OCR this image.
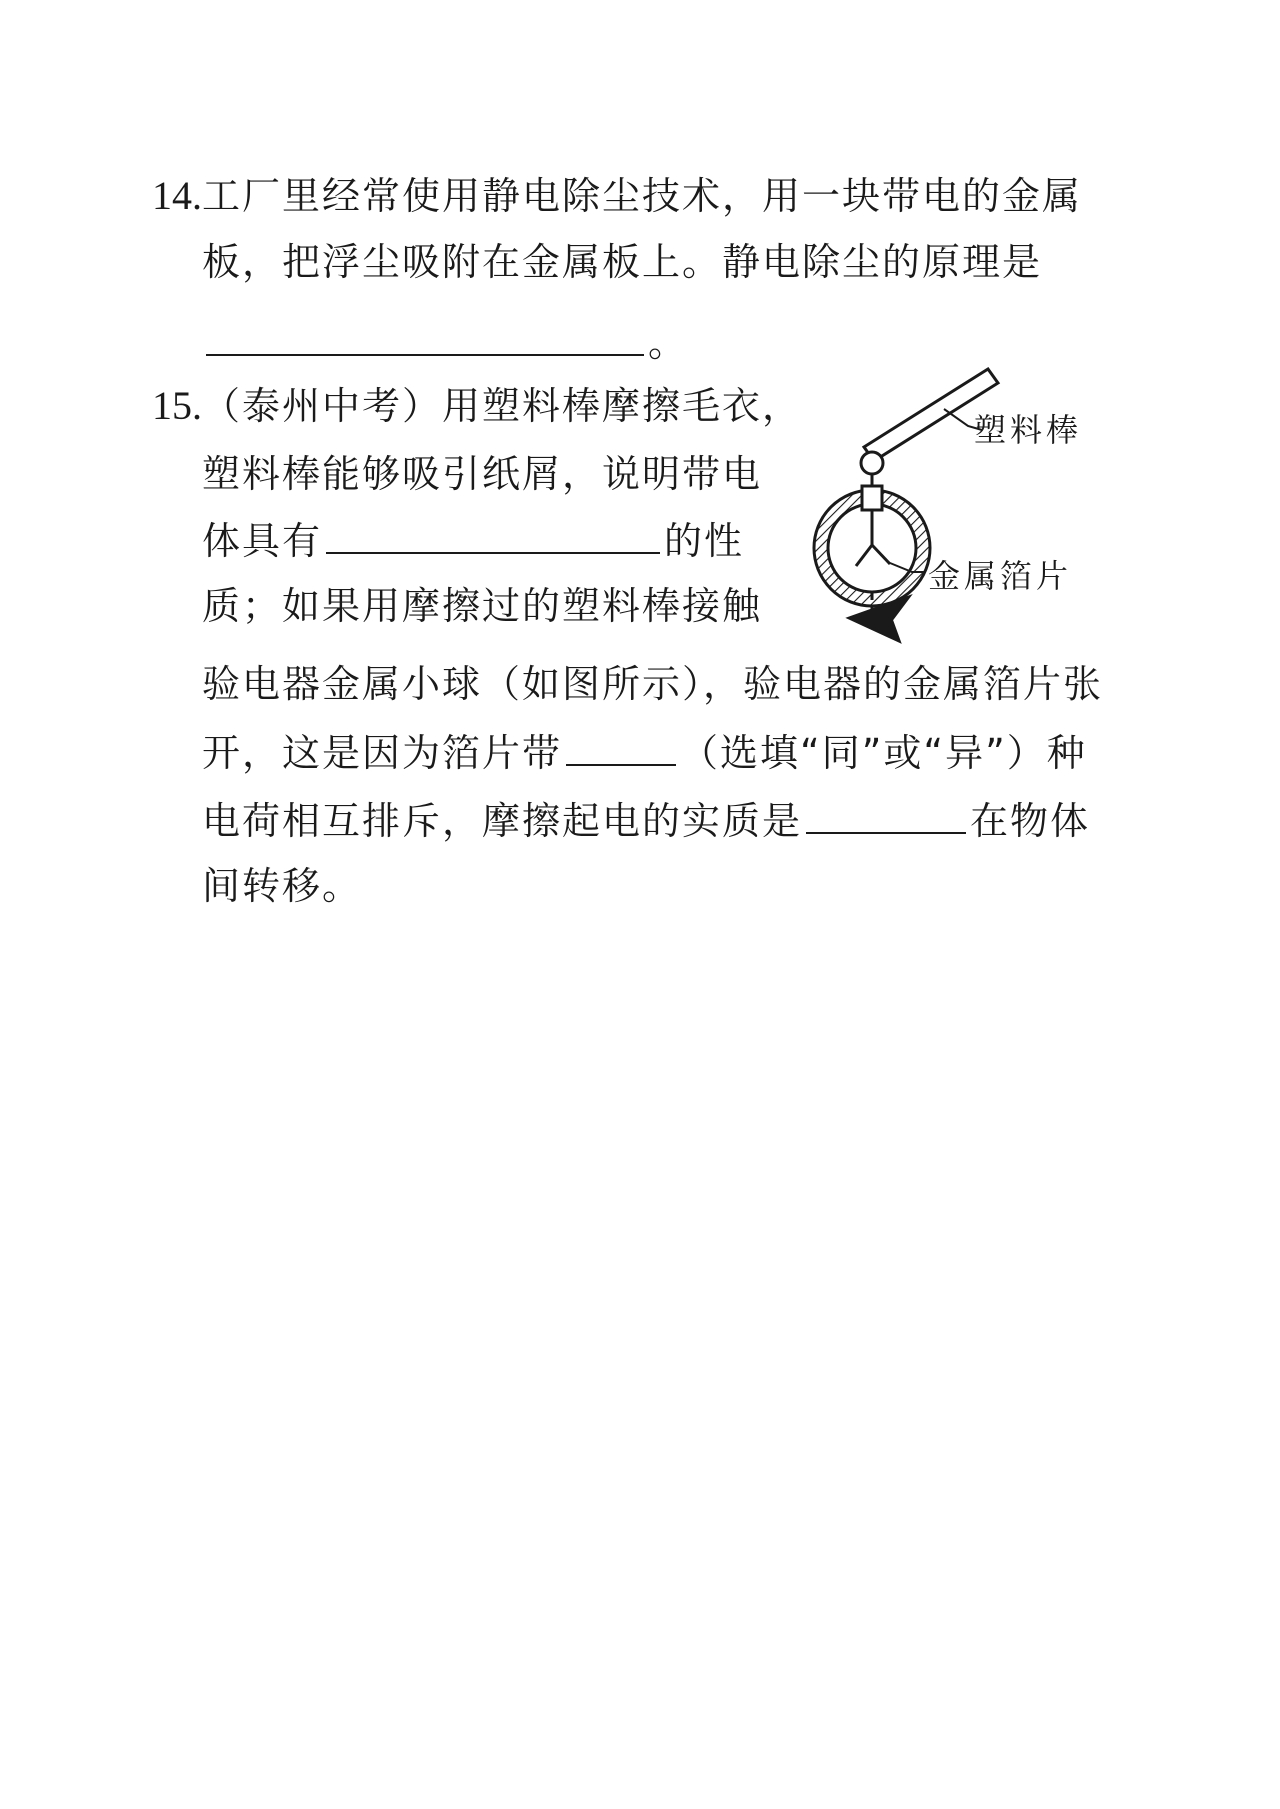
14.工厂里经常使用静电除尘技术，用一块带电的金属
板，把浮尘吸附在金属板上。静电除尘的原理是
。
15.（泰州中考）用塑料棒摩擦毛衣，
塑料棒能够吸引纸屑，说明带电
体具有	的性
质；如果用摩擦过的塑料棒接触
验电器金属小球（如图所示），验电器的金属箔片张
开，这是因为箔片带	（选填“同”或“异”）种
电荷相互排斥，摩擦起电的实质是	在物体
间转移。
塑料棒
金属箔片
